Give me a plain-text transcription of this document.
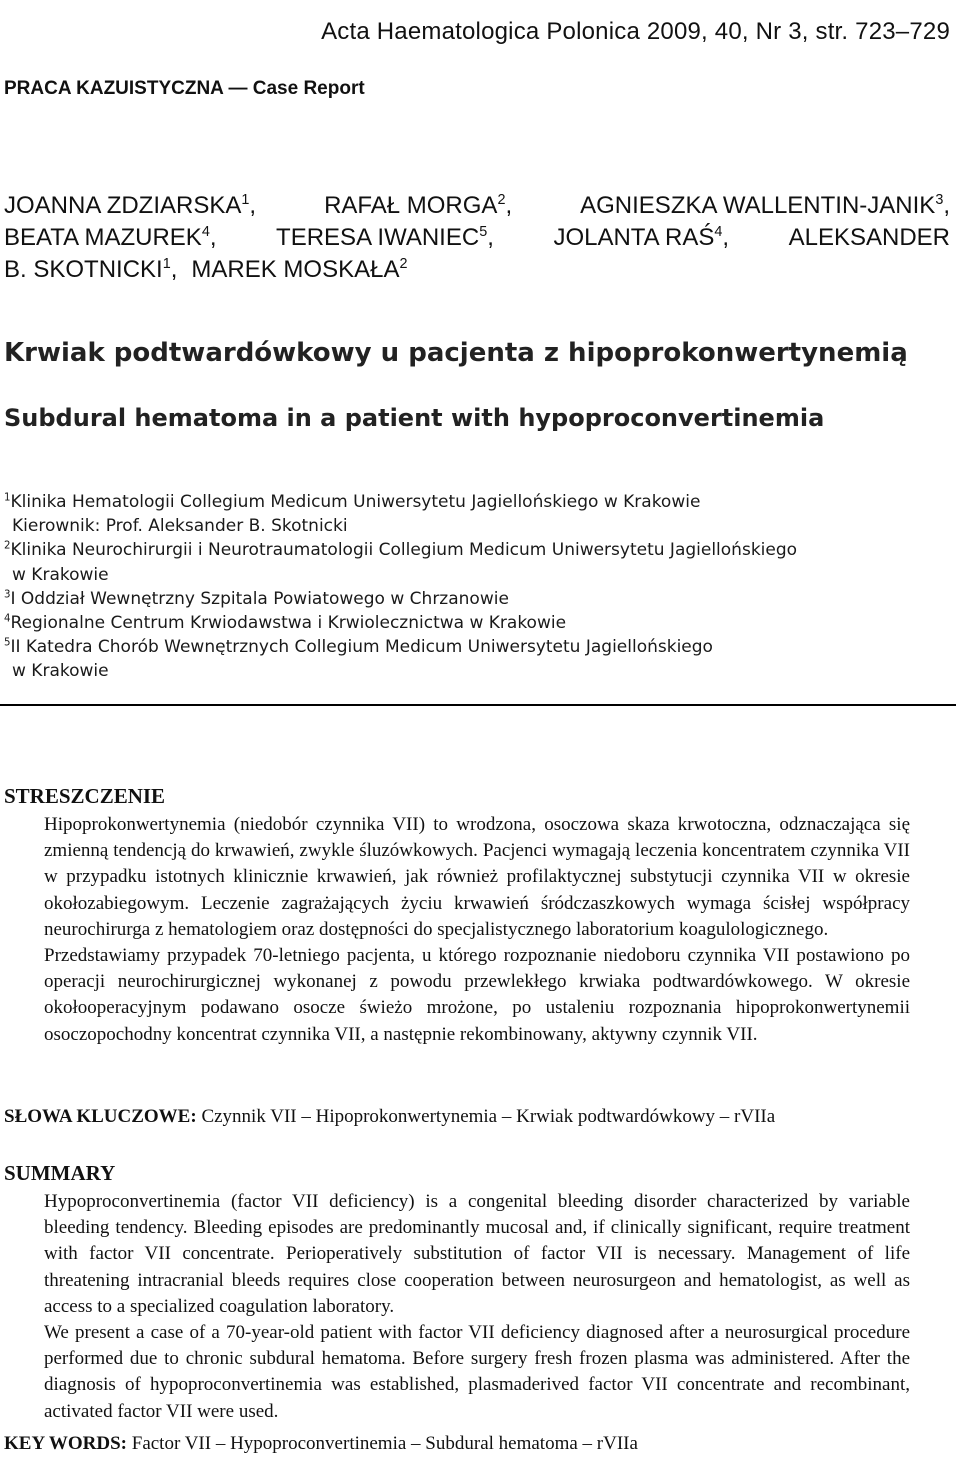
Acta Haematologica Polonica 2009, 40, Nr 3, str. 723–729
PRACA KAZUISTYCZNA — Case Report
JOANNA ZDZIARSKA$^1$,	RAFAŁ MORGA$^2$,	AGNIESZKA WALLENTIN-JANIK$^3$,
BEATA MAZUREK$^4$, TERESA IWANIEC$^5$, JOLANTA RAŚ$^4$, ALEKSANDER
B. SKOTNICKI$^1$, MAREK MOSKAŁA$^2$
Krwiak podtwardówkowy u pacjenta z hipoprokonwertynemią
Subdural hematoma in a patient with hypoproconvertinemia
$^1$Klinika Hematologii Collegium Medicum Uniwersytetu Jagiellońskiego w Krakowie
Kierownik: Prof. Aleksander B. Skotnicki
$^2$Klinika Neurochirurgii i Neurotraumatologii Collegium Medicum Uniwersytetu Jagiellońskiego
w Krakowie
$^3$I Oddział Wewnętrzny Szpitala Powiatowego w Chrzanowie
$^4$Regionalne Centrum Krwiodawstwa i Krwiolecznictwa w Krakowie
$^5$II Katedra Chorób Wewnętrznych Collegium Medicum Uniwersytetu Jagiellońskiego
w Krakowie
STRESZCZENIE

Hipoprokonwertynemia (niedobór czynnika VII) to wrodzona, osoczowa skaza krwotoczna, odznaczająca się zmienną tendencją do krwawień, zwykle śluzówkowych. Pacjenci wymagają leczenia koncentratem czynnika VII w przypadku istotnych klinicznie krwawień, jak również profilaktycznej substytucji czynnika VII w okresie okołozabiegowym. Leczenie zagrażających życiu krwawień śródczaszkowych wymaga ścisłej współpracy neurochirurga z hematologiem oraz dostępności do specjalistycznego laboratorium koagulologicznego.

Przedstawiamy przypadek 70-letniego pacjenta, u którego rozpoznanie niedoboru czynnika VII postawiono po operacji neurochirurgicznej wykonanej z powodu przewlekłego krwiaka podtwardówkowego. W okresie okołooperacyjnym podawano osocze świeżo mrożone, po ustaleniu rozpoznania hipoprokonwertynemii osoczopochodny koncentrat czynnika VII, a następnie rekombinowany, aktywny czynnik VII.

SŁOWA KLUCZOWE: Czynnik VII – Hipoprokonwertynemia – Krwiak podtwardówkowy – rVIIa
SUMMARY

Hypoproconvertinemia (factor VII deficiency) is a congenital bleeding disorder characterized by variable bleeding tendency. Bleeding episodes are predominantly mucosal and, if clinically significant, require treatment with factor VII concentrate. Perioperatively substitution of factor VII is necessary. Management of life threatening intracranial bleeds requires close cooperation between neurosurgeon and hematologist, as well as access to a specialized coagulation laboratory.

We present a case of a 70-year-old patient with factor VII deficiency diagnosed after a neurosurgical procedure performed due to chronic subdural hematoma. Before surgery fresh frozen plasma was administered. After the diagnosis of hypoproconvertinemia was established, plasmaderived factor VII concentrate and recombinant, activated factor VII were used.

KEY WORDS: Factor VII – Hypoproconvertinemia – Subdural hematoma – rVIIa
